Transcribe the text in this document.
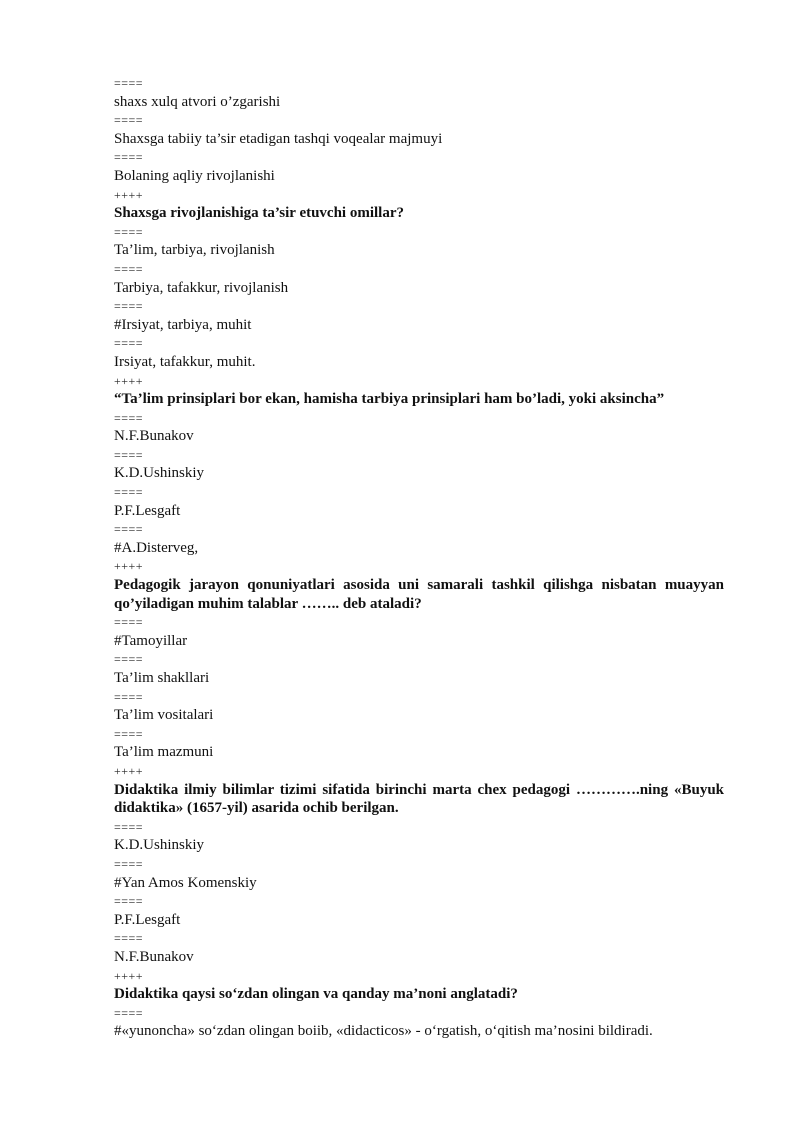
====
shaxs xulq atvori o’zgarishi
====
Shaxsga tabiiy ta’sir etadigan tashqi voqealar majmuyi
====
Bolaning aqliy rivojlanishi
++++
Shaxsga rivojlanishiga ta’sir etuvchi omillar?
====
Ta’lim, tarbiya, rivojlanish
====
Tarbiya, tafakkur, rivojlanish
====
#Irsiyat, tarbiya, muhit
====
Irsiyat, tafakkur, muhit.
++++
“Ta’lim prinsiplari bor ekan, hamisha tarbiya prinsiplari ham bo’ladi, yoki aksincha”
====
N.F.Bunakov
====
K.D.Ushinskiy
====
P.F.Lesgaft
====
#A.Disterveg,
++++
Pedagogik jarayon qonuniyatlari asosida uni samarali tashkil qilishga nisbatan muayyan qo’yiladigan muhim talablar …….. deb ataladi?
====
#Tamoyillar
====
Ta’lim shakllari
====
Ta’lim vositalari
====
Ta’lim mazmuni
++++
Didaktika ilmiy bilimlar tizimi sifatida birinchi marta chex pedagogi ………….ning «Buyuk didaktika» (1657-yil) asarida ochib berilgan.
====
K.D.Ushinskiy
====
#Yan Amos Komenskiy
====
P.F.Lesgaft
====
N.F.Bunakov
++++
Didaktika qaysi so‘zdan olingan va qanday ma’noni anglatadi?
====
#«yunoncha» so‘zdan olingan boiib, «didacticos» - o‘rgatish, o‘qitish ma’nosini bildiradi.
